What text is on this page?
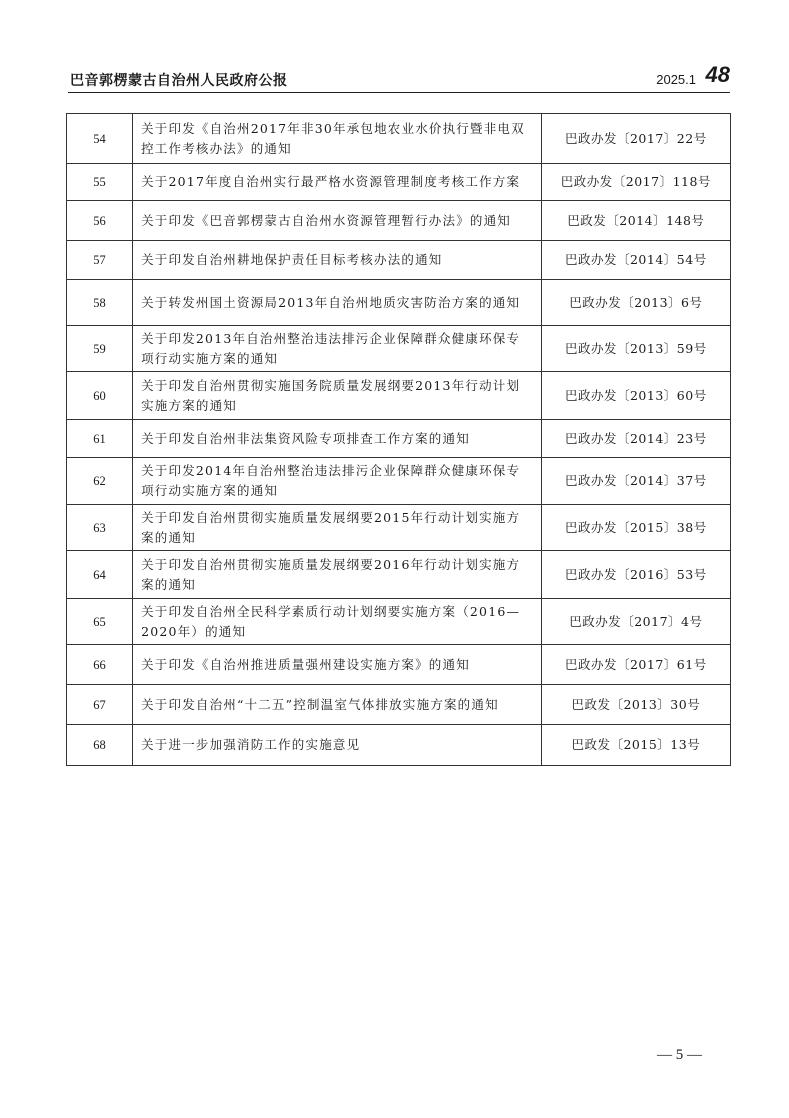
巴音郭楞蒙古自治州人民政府公报	2025.1 48
54	关于印发《自治州2017年非30年承包地农业水价执行暨非电双控工作考核办法》的通知	巴政办发〔2017〕22号
55	关于2017年度自治州实行最严格水资源管理制度考核工作方案	巴政办发〔2017〕118号
56	关于印发《巴音郭楞蒙古自治州水资源管理暂行办法》的通知	巴政发〔2014〕148号
57	关于印发自治州耕地保护责任目标考核办法的通知	巴政办发〔2014〕54号
58	关于转发州国土资源局2013年自治州地质灾害防治方案的通知	巴政办发〔2013〕6号
59	关于印发2013年自治州整治违法排污企业保障群众健康环保专项行动实施方案的通知	巴政办发〔2013〕59号
60	关于印发自治州贯彻实施国务院质量发展纲要2013年行动计划实施方案的通知	巴政办发〔2013〕60号
61	关于印发自治州非法集资风险专项排查工作方案的通知	巴政办发〔2014〕23号
62	关于印发2014年自治州整治违法排污企业保障群众健康环保专项行动实施方案的通知	巴政办发〔2014〕37号
63	关于印发自治州贯彻实施质量发展纲要2015年行动计划实施方案的通知	巴政办发〔2015〕38号
64	关于印发自治州贯彻实施质量发展纲要2016年行动计划实施方案的通知	巴政办发〔2016〕53号
65	关于印发自治州全民科学素质行动计划纲要实施方案（2016—2020年）的通知	巴政办发〔2017〕4号
66	关于印发《自治州推进质量强州建设实施方案》的通知	巴政办发〔2017〕61号
67	关于印发自治州“十二五”控制温室气体排放实施方案的通知	巴政发〔2013〕30号
68	关于进一步加强消防工作的实施意见	巴政发〔2015〕13号
— 5 —
